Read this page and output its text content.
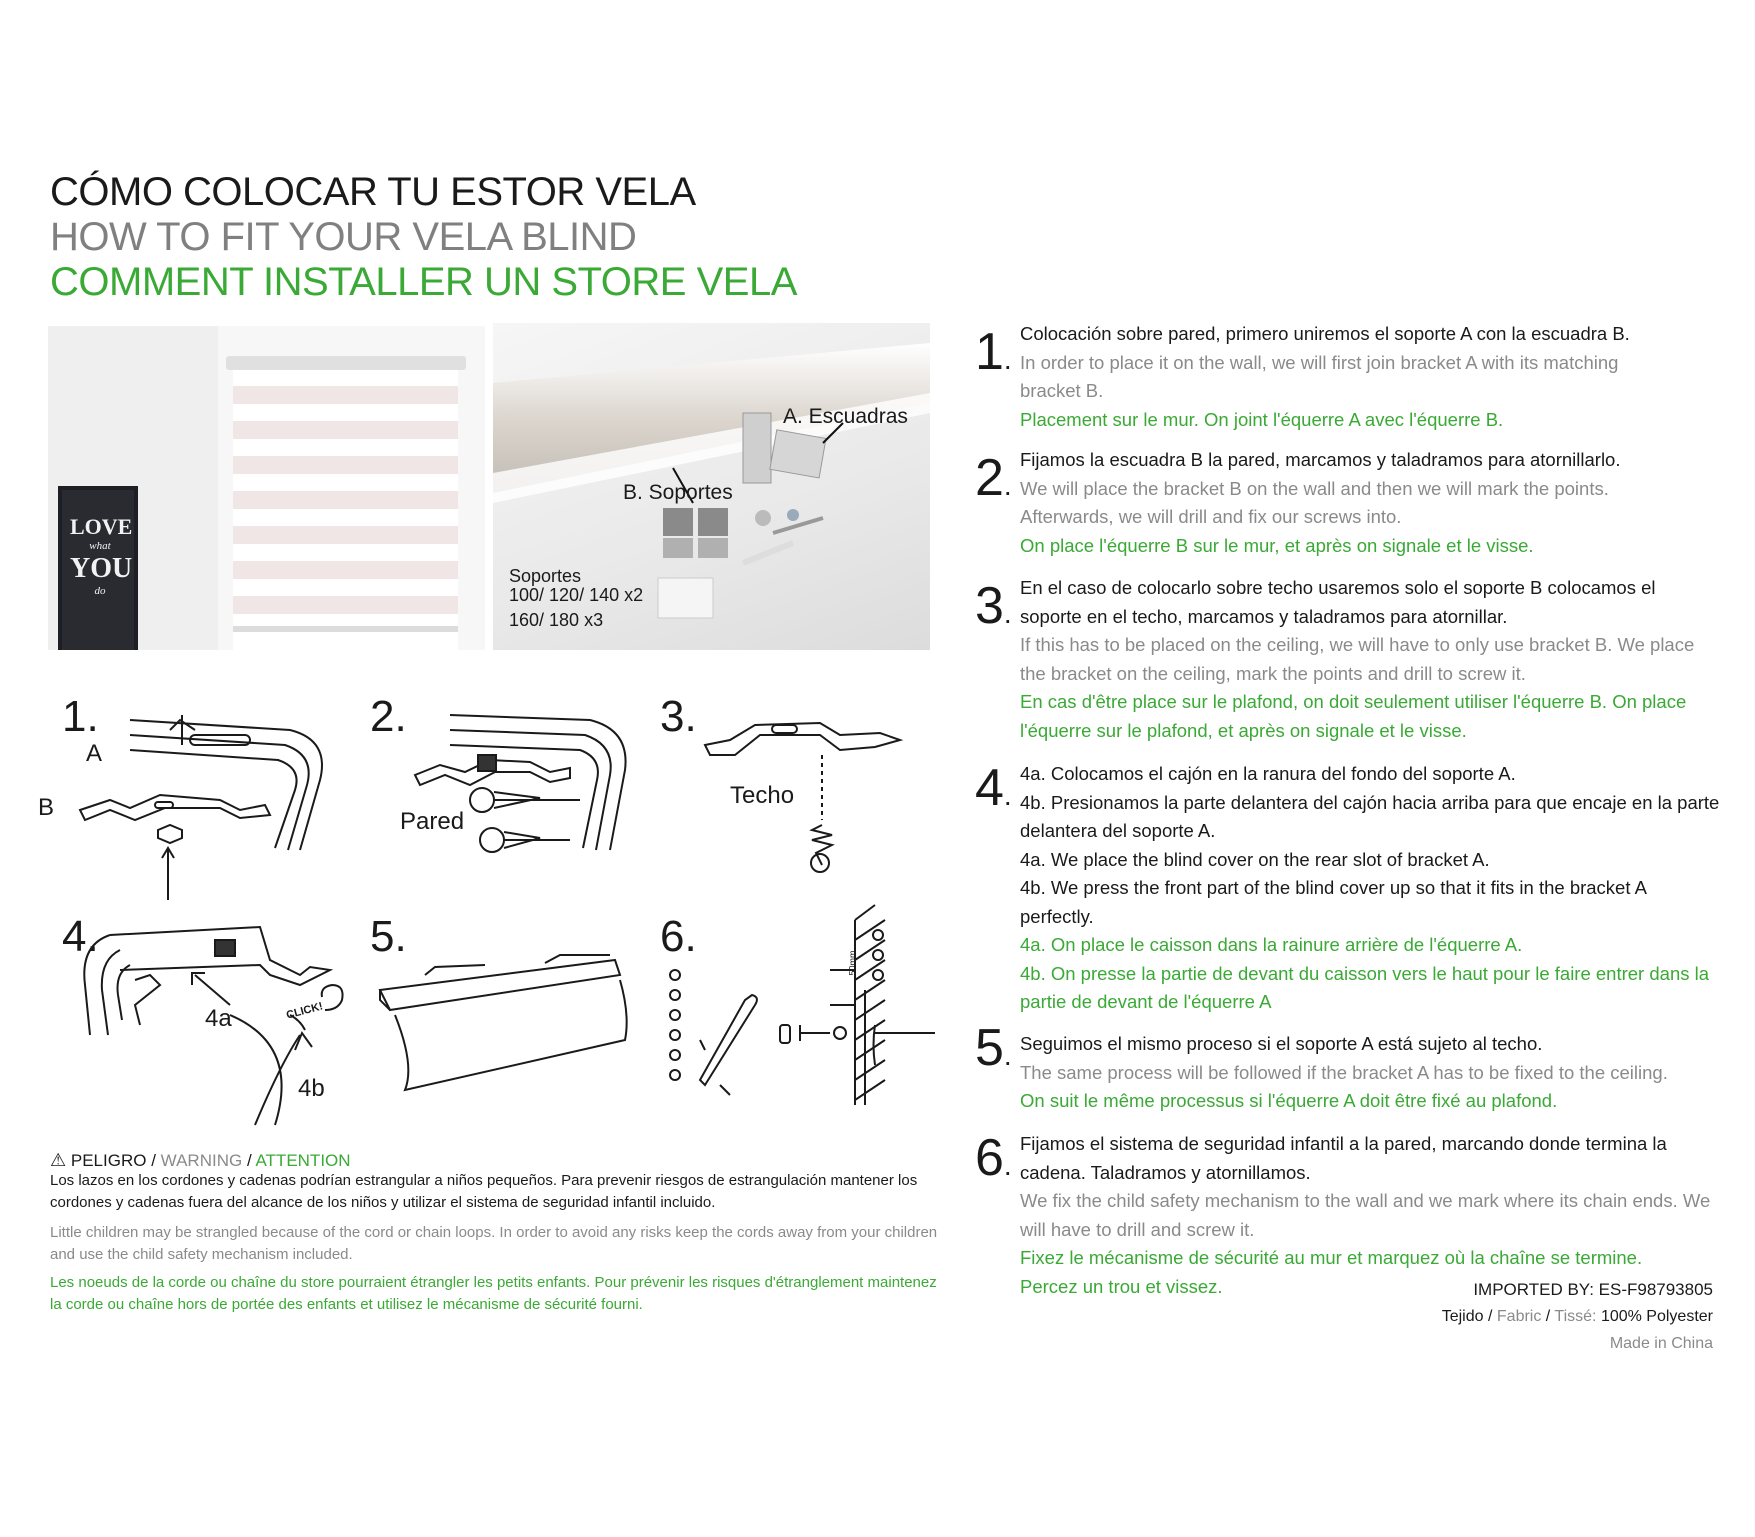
CÓMO COLOCAR TU ESTOR VELA
HOW TO FIT YOUR VELA BLIND
COMMENT INSTALLER UN STORE VELA
LOVE
what
YOU
do
A. Escuadras
B. Soportes
Soportes
100/ 120/ 140 x2
160/ 180 x3
1.
A
B
2.
Pared
3.
Techo
4.
4a
4b
CLICK!
5.	6.
50mm
⚠ PELIGRO / WARNING / ATTENTION

Los lazos en los cordones y cadenas podrían estrangular a niños pequeños. Para prevenir riesgos de estrangulación mantener los cordones y cadenas fuera del alcance de los niños y utilizar el sistema de seguridad infantil incluido.

Little children may be strangled because of the cord or chain loops. In order to avoid any risks keep the cords away from your children and use the child safety mechanism included.

Les noeuds de la corde ou chaîne du store pourraient étrangler les petits enfants. Pour prévenir les risques d'étranglement maintenez la corde ou chaîne hors de portée des enfants et utilisez le mécanisme de sécurité fourni.

1 . Colocación sobre pared, primero uniremos el soporte A con la escuadra B.

In order to place it on the wall, we will first join bracket A with its matching bracket B.

Placement sur le mur. On joint l'équerre A avec l'équerre B.

2 . Fijamos la escuadra B la pared, marcamos y taladramos para atornillarlo.

We will place the bracket B on the wall and then we will mark the points. Afterwards, we will drill and fix our screws into.

On place l'équerre B sur le mur, et après on signale et le visse.

3 . En el caso de colocarlo sobre techo usaremos solo el soporte B colocamos el soporte en el techo, marcamos y taladramos para atornillar.

If this has to be placed on the ceiling, we will have to only use bracket B. We place the bracket on the ceiling, mark the points and drill to screw it.

En cas d'être place sur le plafond, on doit seulement utiliser l'équerre B. On place l'équerre sur le plafond, et après on signale et le visse.

4 . 4a. Colocamos el cajón en la ranura del fondo del soporte A.

4b. Presionamos la parte delantera del cajón hacia arriba para que encaje en la parte delantera del soporte A.

4a. We place the blind cover on the rear slot of bracket A.

4b. We press the front part of the blind cover up so that it fits in the bracket A perfectly.

4a. On place le caisson dans la rainure arrière de l'équerre A.

4b. On presse la partie de devant du caisson vers le haut pour le faire entrer dans la partie de devant de l'équerre A

5 . Seguimos el mismo proceso si el soporte A está sujeto al techo.

The same process will be followed if the bracket A has to be fixed to the ceiling.

On suit le même processus si l'équerre A doit être fixé au plafond.

6 . Fijamos el sistema de seguridad infantil a la pared, marcando donde termina la cadena. Taladramos y atornillamos.

We fix the child safety mechanism to the wall and we mark where its chain ends. We will have to drill and screw it.

Fixez le mécanisme de sécurité au mur et marquez où la chaîne se termine. Percez un trou et vissez.	IMPORTED BY: ES-F98793805
Tejido / Fabric / Tissé: 100% Polyester
Made in China
